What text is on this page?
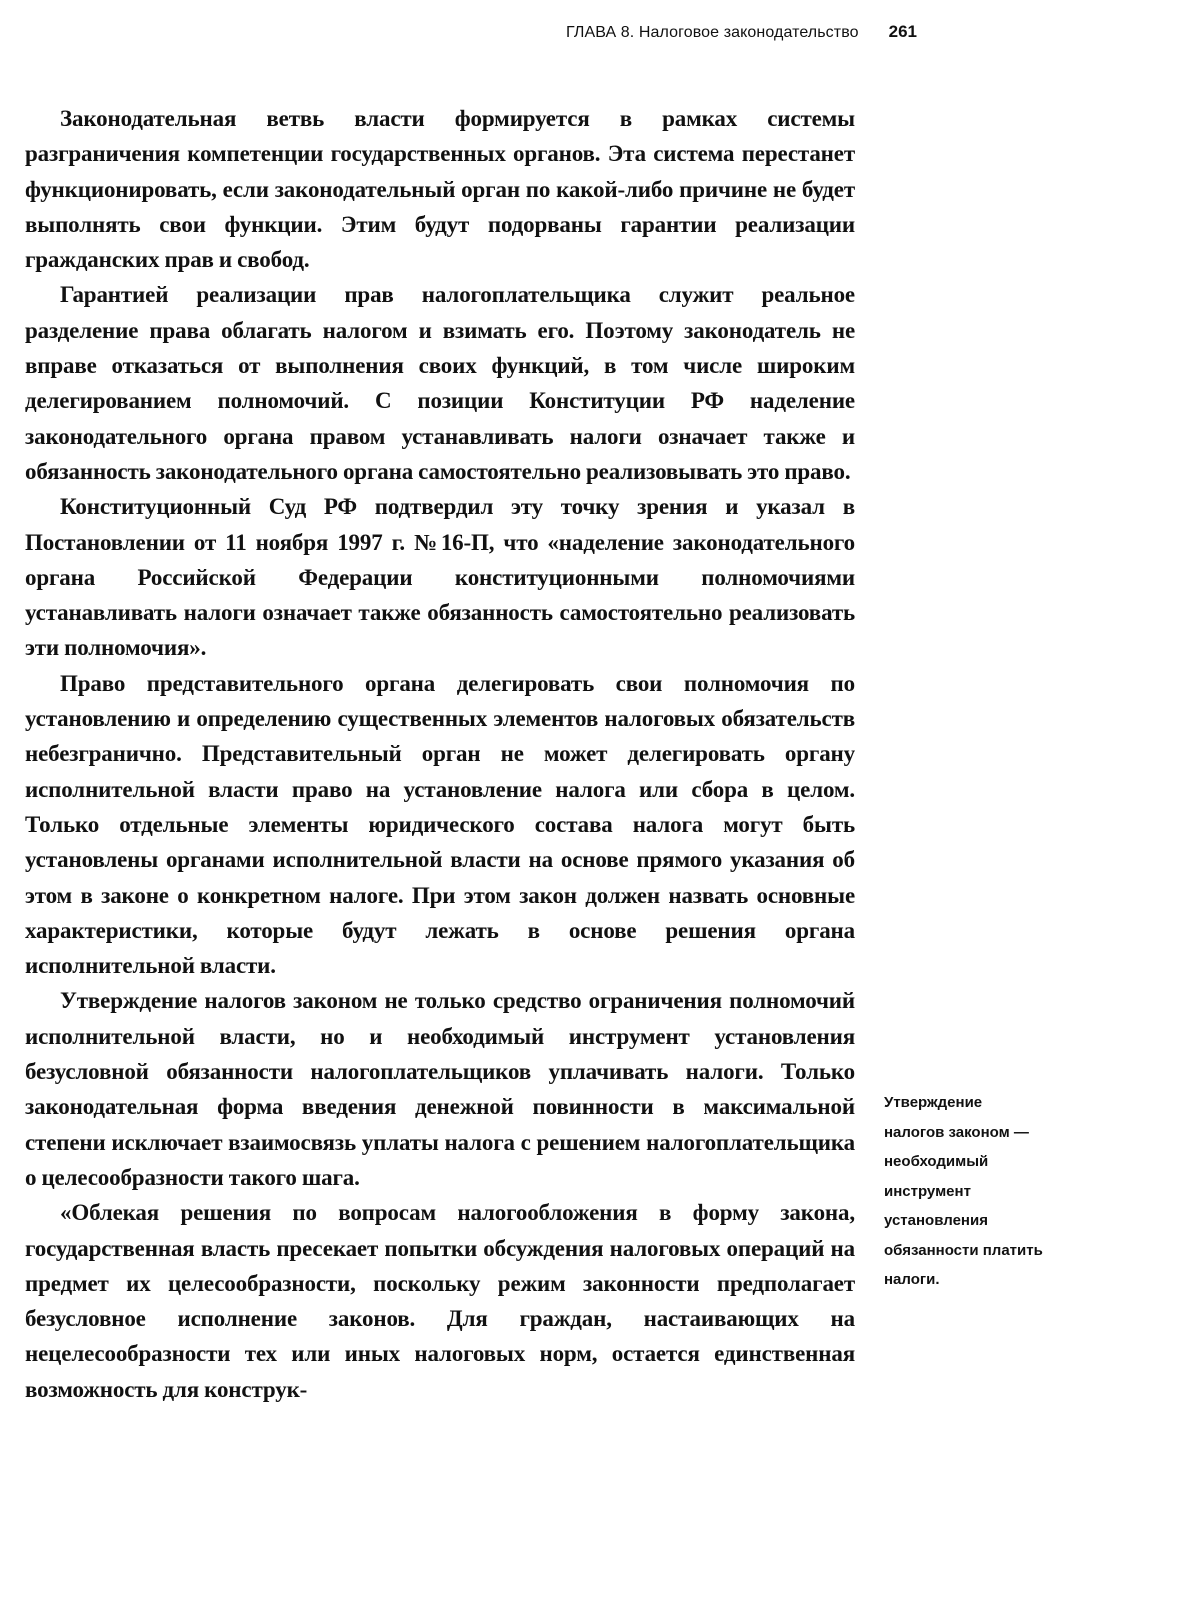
ГЛАВА 8. Налоговое законодательство 261

Законодательная ветвь власти формируется в рамках системы разграничения компетенции государственных органов. Эта система перестанет функционировать, если законодательный орган по какой-либо причине не будет выполнять свои функции. Этим будут подорваны гарантии реализации гражданских прав и свобод.

Гарантией реализации прав налогоплательщика служит реальное разделение права облагать налогом и взимать его. Поэтому законодатель не вправе отказаться от выполнения своих функций, в том числе широким делегированием полномочий. С позиции Конституции РФ наделение законодательного органа правом устанавливать налоги означает также и обязанность законодательного органа самостоятельно реализовывать это право.

Конституционный Суд РФ подтвердил эту точку зрения и указал в Постановлении от 11 ноября 1997 г. №16-П, что «наделение законодательного органа Российской Федерации конституционными полномочиями устанавливать налоги означает также обязанность самостоятельно реализовать эти полномочия».

Право представительного органа делегировать свои полномочия по установлению и определению существенных элементов налоговых обязательств небезгранично. Представительный орган не может делегировать органу исполнительной власти право на установление налога или сбора в целом. Только отдельные элементы юридического состава налога могут быть установлены органами исполнительной власти на основе прямого указания об этом в законе о конкретном налоге. При этом закон должен назвать основные характеристики, которые будут лежать в основе решения органа исполнительной власти.

Утверждение налогов законом не только средство ограничения полномочий исполнительной власти, но и необходимый инструмент установления безусловной обязанности налогоплательщиков уплачивать налоги. Только законодательная форма введения денежной повинности в максимальной степени исключает взаимосвязь уплаты налога с решением налогоплательщика о целесообразности такого шага.

«Облекая решения по вопросам налогообложения в форму закона, государственная власть пресекает попытки обсуждения налоговых операций на предмет их целесообразности, поскольку режим законности предполагает безусловное исполнение законов. Для граждан, настаивающих на нецелесообразности тех или иных налоговых норм, остается единственная возможность для конструк-

Утверждение
налогов законом —
необходимый
инструмент
установления
обязанности платить
налоги.
